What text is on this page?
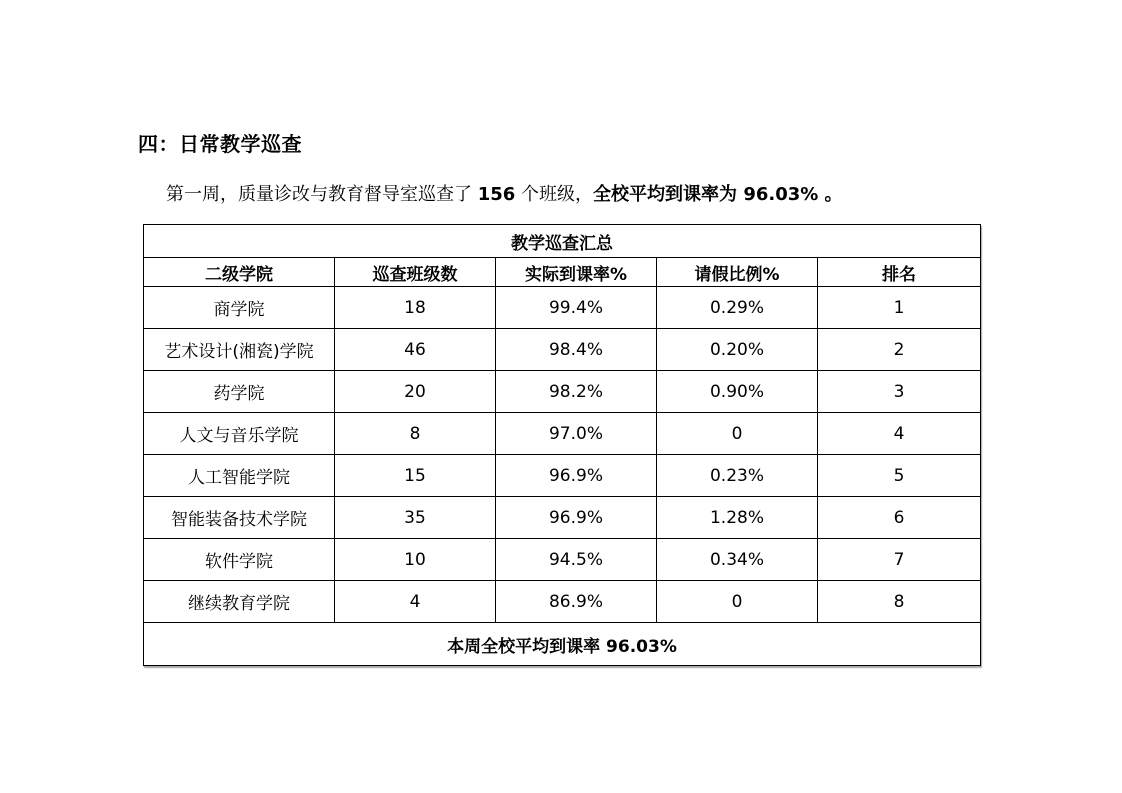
四：日常教学巡查
第一周，质量诊改与教育督导室巡查了 156 个班级，全校平均到课率为 96.03% 。
教学巡查汇总				
二级学院	巡查班级数	实际到课率%	请假比例%	排名
商学院	18	99.4%	0.29%	1
艺术设计(湘瓷)学院	46	98.4%	0.20%	2
药学院	20	98.2%	0.90%	3
人文与音乐学院	8	97.0%	0	4
人工智能学院	15	96.9%	0.23%	5
智能装备技术学院	35	96.9%	1.28%	6
软件学院	10	94.5%	0.34%	7
继续教育学院	4	86.9%	0	8
本周全校平均到课率 96.03%				
